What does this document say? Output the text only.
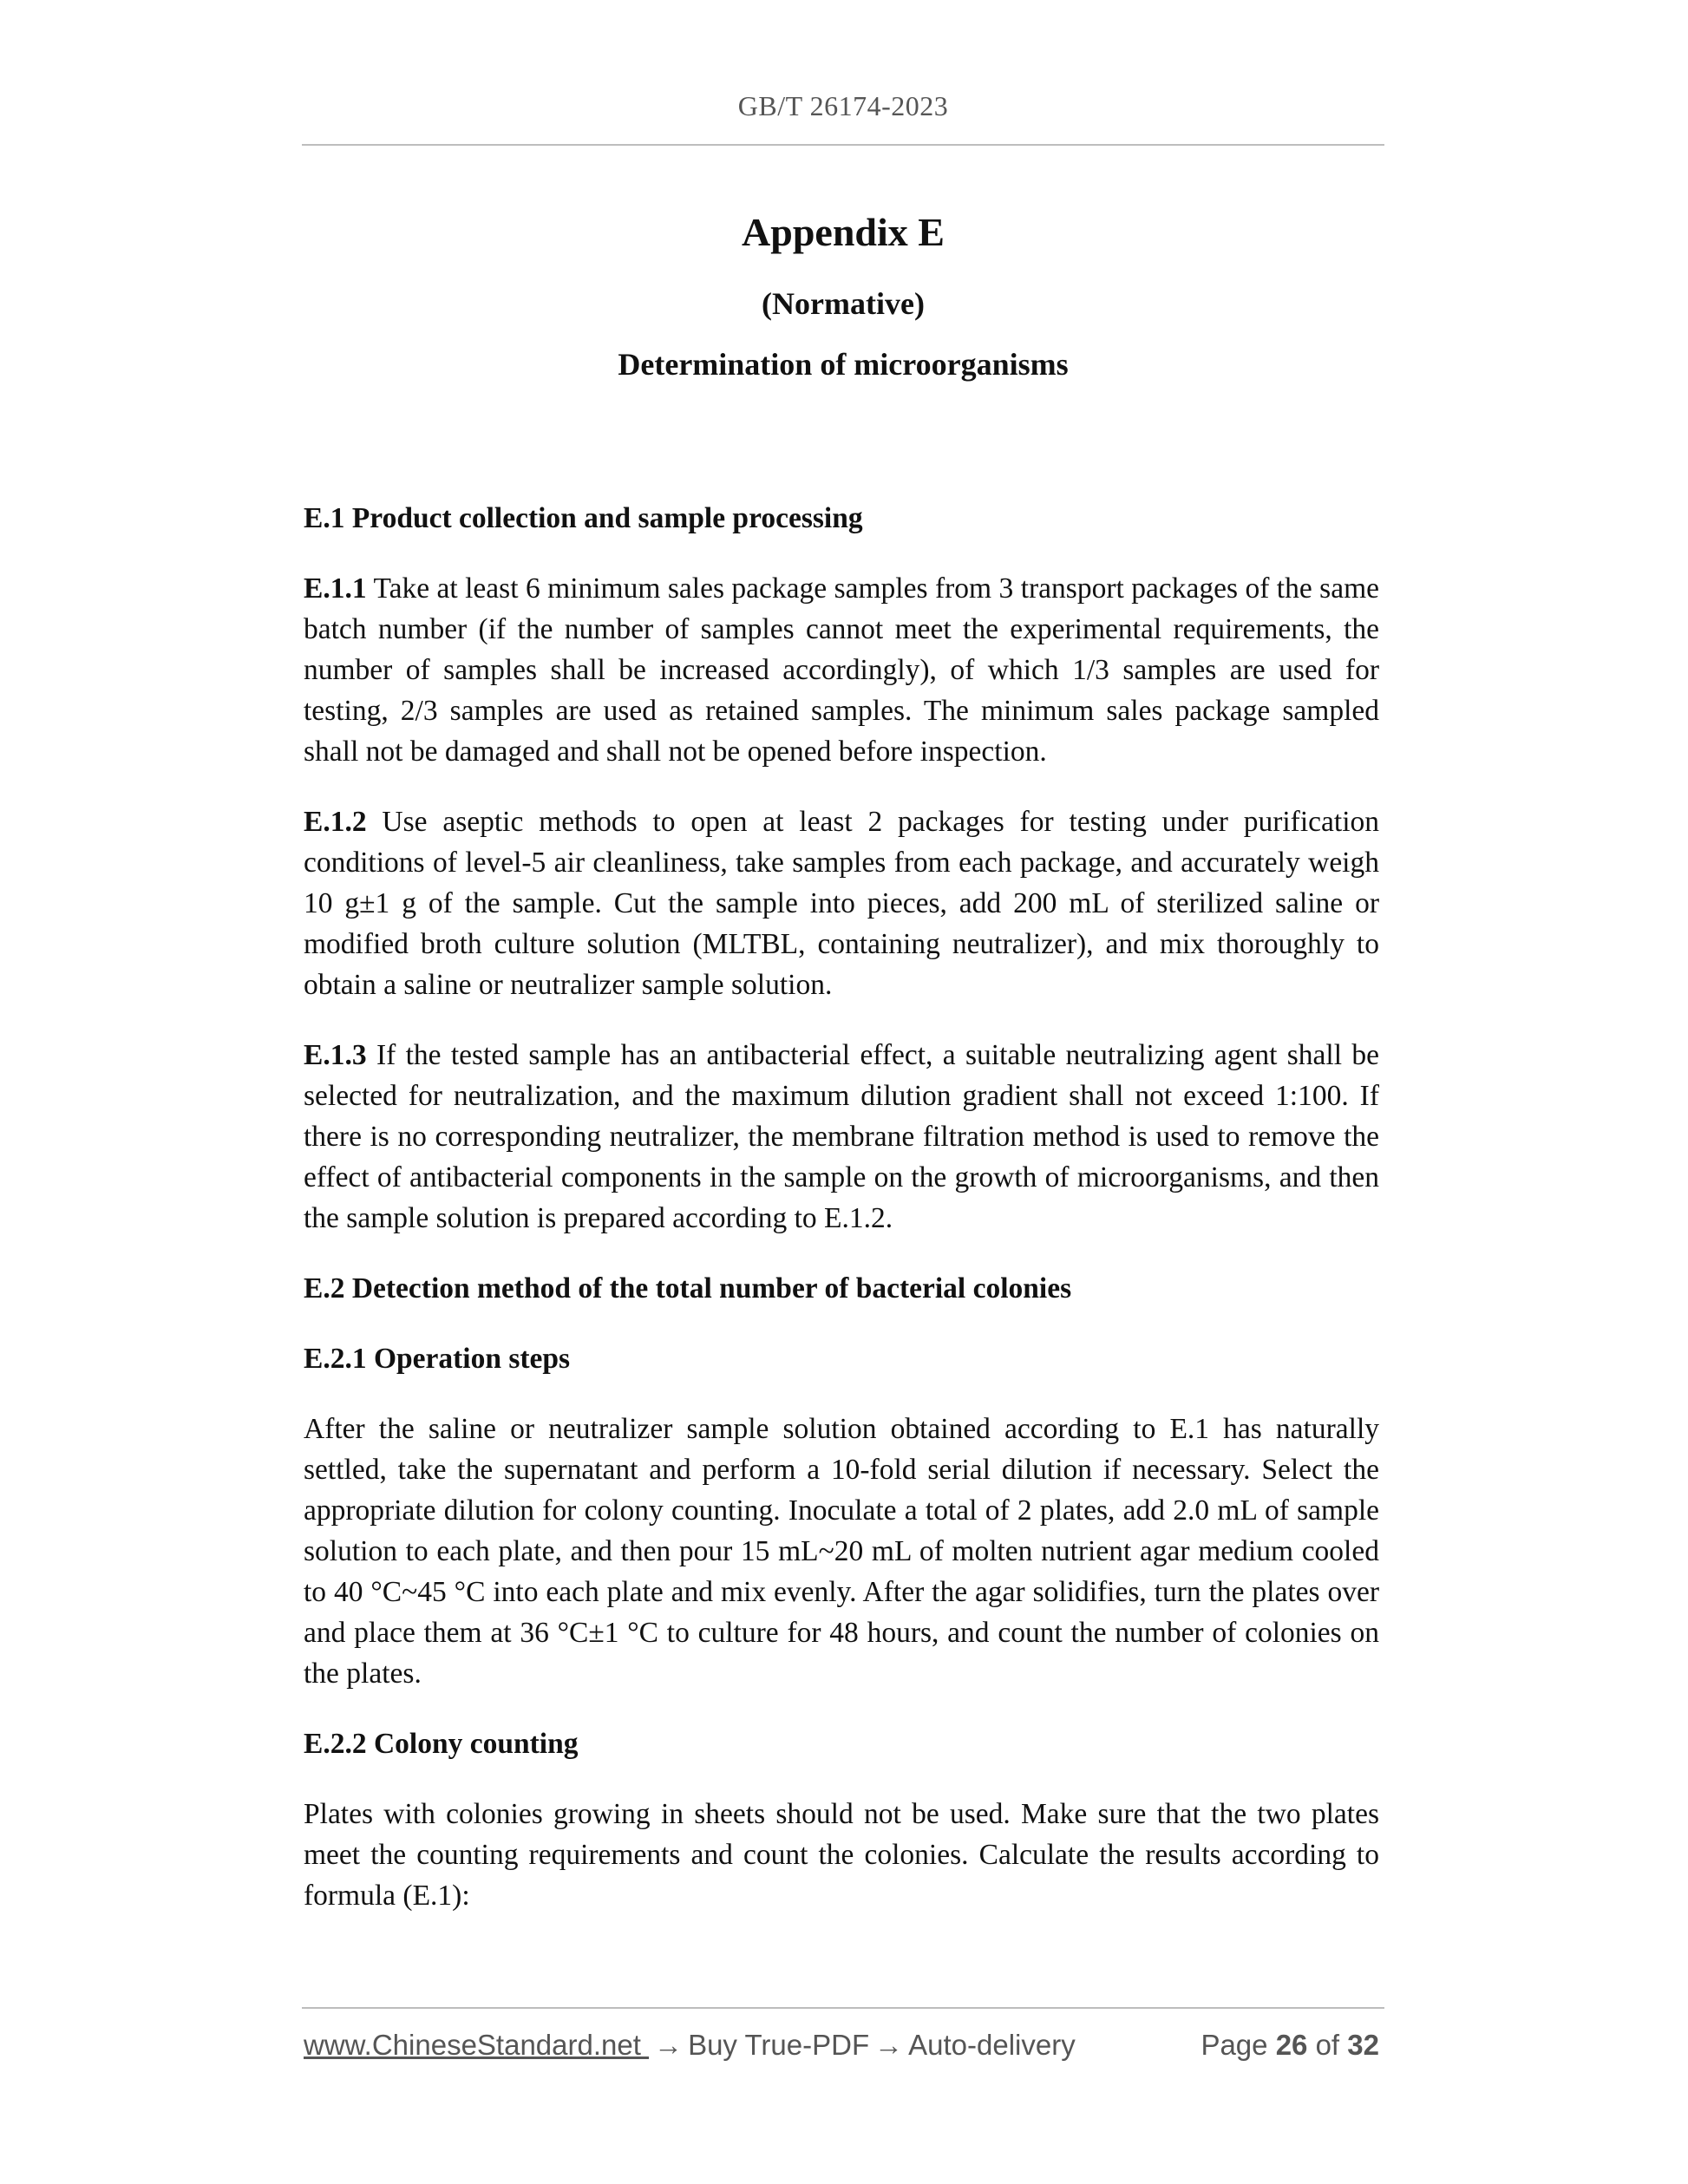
GB/T 26174-2023
Appendix E
(Normative)
Determination of microorganisms
E.1 Product collection and sample processing

E.1.1 Take at least 6 minimum sales package samples from 3 transport packages of the same batch number (if the number of samples cannot meet the experimental requirements, the number of samples shall be increased accordingly), of which 1/3 samples are used for testing, 2/3 samples are used as retained samples. The minimum sales package sampled shall not be damaged and shall not be opened before inspection.

E.1.2 Use aseptic methods to open at least 2 packages for testing under purification conditions of level-5 air cleanliness, take samples from each package, and accurately weigh 10 g±1 g of the sample. Cut the sample into pieces, add 200 mL of sterilized saline or modified broth culture solution (MLTBL, containing neutralizer), and mix thoroughly to obtain a saline or neutralizer sample solution.

E.1.3 If the tested sample has an antibacterial effect, a suitable neutralizing agent shall be selected for neutralization, and the maximum dilution gradient shall not exceed 1:100. If there is no corresponding neutralizer, the membrane filtration method is used to remove the effect of antibacterial components in the sample on the growth of microorganisms, and then the sample solution is prepared according to E.1.2.

E.2 Detection method of the total number of bacterial colonies
E.2.1 Operation steps

After the saline or neutralizer sample solution obtained according to E.1 has naturally settled, take the supernatant and perform a 10-fold serial dilution if necessary. Select the appropriate dilution for colony counting. Inoculate a total of 2 plates, add 2.0 mL of sample solution to each plate, and then pour 15 mL~20 mL of molten nutrient agar medium cooled to 40 °C~45 °C into each plate and mix evenly. After the agar solidifies, turn the plates over and place them at 36 °C±1 °C to culture for 48 hours, and count the number of colonies on the plates.

E.2.2 Colony counting

Plates with colonies growing in sheets should not be used. Make sure that the two plates meet the counting requirements and count the colonies. Calculate the results according to formula (E.1):

www.ChineseStandard.net → Buy True-PDF → Auto-delivery	Page 26 of 32
